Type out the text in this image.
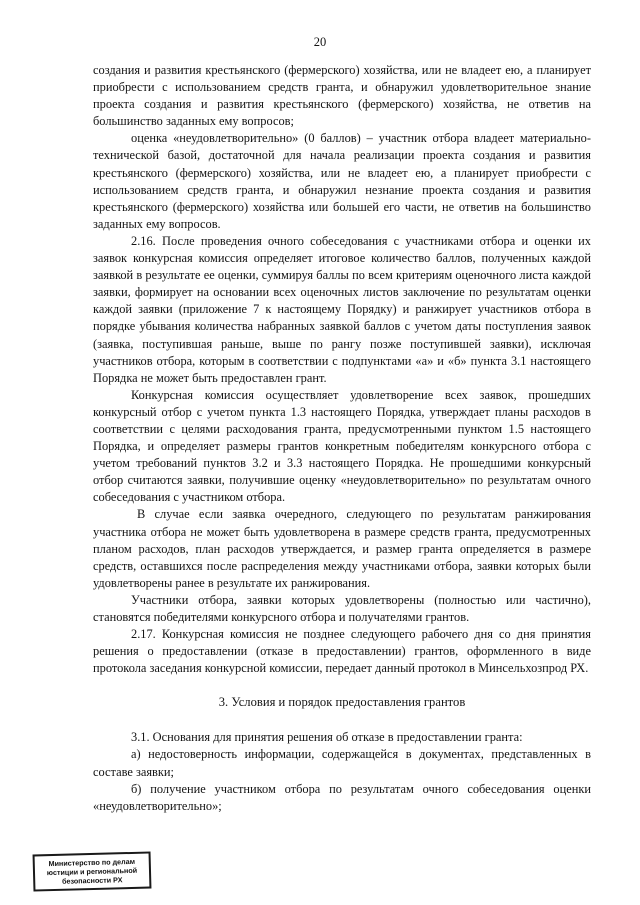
20

создания и развития крестьянского (фермерского) хозяйства, или не владеет ею, а планирует приобрести с использованием средств гранта, и обнаружил удовлетворительное знание проекта создания и развития крестьянского (фермерского) хозяйства, не ответив на большинство заданных ему вопросов;

оценка «неудовлетворительно» (0 баллов) – участник отбора владеет материально-технической базой, достаточной для начала реализации проекта создания и развития крестьянского (фермерского) хозяйства, или не владеет ею, а планирует приобрести с использованием средств гранта, и обнаружил незнание проекта создания и развития крестьянского (фермерского) хозяйства или большей его части, не ответив на большинство заданных ему вопросов.

2.16. После проведения очного собеседования с участниками отбора и оценки их заявок конкурсная комиссия определяет итоговое количество баллов, полученных каждой заявкой в результате ее оценки, суммируя баллы по всем критериям оценочного листа каждой заявки, формирует на основании всех оценочных листов заключение по результатам оценки каждой заявки (приложение 7 к настоящему Порядку) и ранжирует участников отбора в порядке убывания количества набранных заявкой баллов с учетом даты поступления заявок (заявка, поступившая раньше, выше по рангу позже поступившей заявки), исключая участников отбора, которым в соответствии с подпунктами «а» и «б» пункта 3.1 настоящего Порядка не может быть предоставлен грант.

Конкурсная комиссия осуществляет удовлетворение всех заявок, прошедших конкурсный отбор с учетом пункта 1.3 настоящего Порядка, утверждает планы расходов в соответствии с целями расходования гранта, предусмотренными пунктом 1.5 настоящего Порядка, и определяет размеры грантов конкретным победителям конкурсного отбора с учетом требований пунктов 3.2 и 3.3 настоящего Порядка. Не прошедшими конкурсный отбор считаются заявки, получившие оценку «неудовлетворительно» по результатам очного собеседования с участником отбора.

В случае если заявка очередного, следующего по результатам ранжирования участника отбора не может быть удовлетворена в размере средств гранта, предусмотренных планом расходов, план расходов утверждается, и размер гранта определяется в размере средств, оставшихся после распределения между участниками отбора, заявки которых были удовлетворены ранее в результате их ранжирования.

Участники отбора, заявки которых удовлетворены (полностью или частично), становятся победителями конкурсного отбора и получателями грантов.

2.17. Конкурсная комиссия не позднее следующего рабочего дня со дня принятия решения о предоставлении (отказе в предоставлении) грантов, оформленного в виде протокола заседания конкурсной комиссии, передает данный протокол в Минсельхозпрод РХ.

3. Условия и порядок предоставления грантов

3.1. Основания для принятия решения об отказе в предоставлении гранта:

а) недостоверность информации, содержащейся в документах, представленных в составе заявки;

б) получение участником отбора по результатам очного собеседования оценки «неудовлетворительно»;

Министерство по делам
юстиции и региональной
безопасности РХ
